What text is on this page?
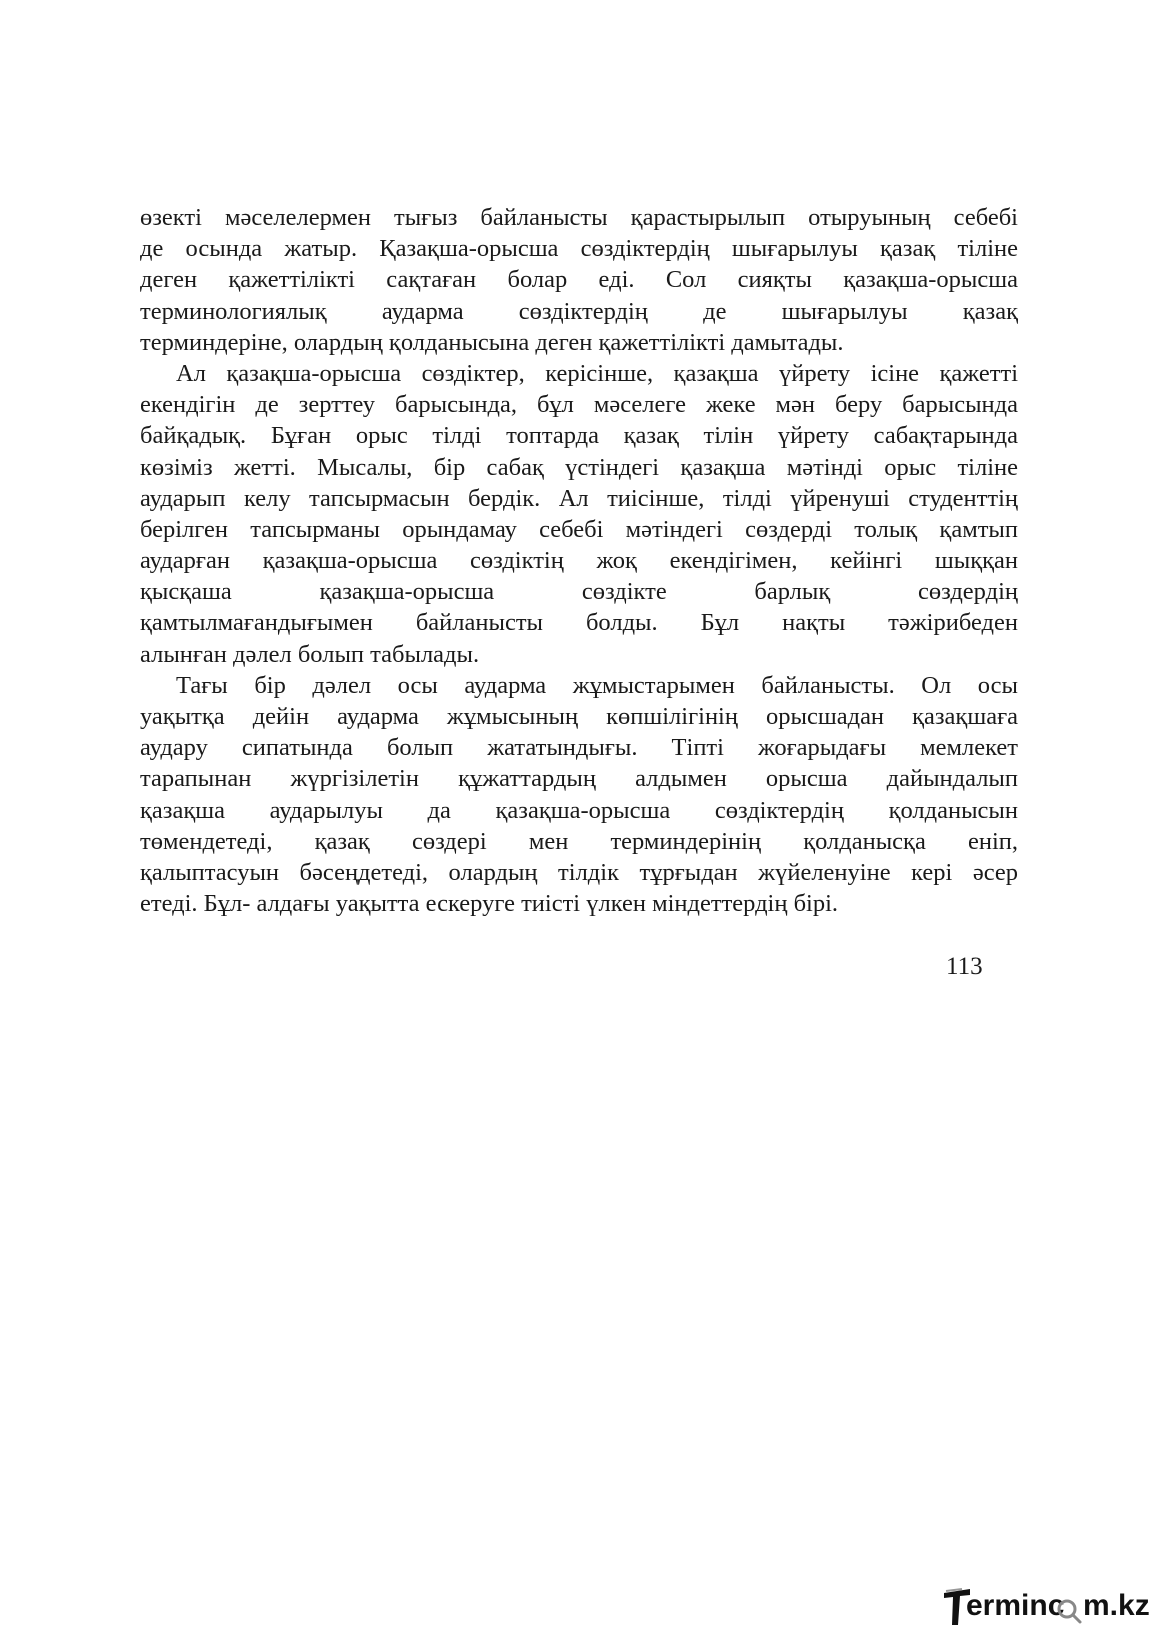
өзекті мәселелермен тығыз байланысты қарастырылып отыруының себебі
де осында жатыр. Қазақша-орысша сөздіктердің шығарылуы қазақ тіліне
деген қажеттілікті сақтаған болар еді. Сол сияқты қазақша-орысша
терминологиялық аударма сөздіктердің де шығарылуы қазақ
терминдеріне, олардың қолданысына деген қажеттілікті дамытады.
Ал қазақша-орысша сөздіктер, керісінше, қазақша үйрету ісіне қажетті
екендігін де зерттеу барысында, бұл мәселеге жеке мән беру барысында
байқадық. Бұған орыс тілді топтарда қазақ тілін үйрету сабақтарында
көзіміз жетті. Мысалы, бір сабақ үстіндегі қазақша мәтінді орыс тіліне
аударып келу тапсырмасын бердік. Ал тиісінше, тілді үйренуші студенттің
берілген тапсырманы орындамау себебі мәтіндегі сөздерді толық қамтып
аударған қазақша-орысша сөздіктің жоқ екендігімен, кейінгі шыққан
қысқаша қазақша-орысша сөздікте барлық сөздердің
қамтылмағандығымен байланысты болды. Бұл нақты тәжірибеден
алынған дәлел болып табылады.
Тағы бір дәлел осы аударма жұмыстарымен байланысты. Ол осы
уақытқа дейін аударма жұмысының көпшілігінің орысшадан қазақшаға
аудару сипатында болып жататындығы. Тіпті жоғарыдағы мемлекет
тарапынан жүргізілетін құжаттардың алдымен орысша дайындалып
қазақша аударылуы да қазақша-орысша сөздіктердің қолданысын
төмендетеді, қазақ сөздері мен терминдерінің қолданысқа еніп,
қалыптасуын бәсеңдетеді, олардың тілдік тұрғыдан жүйеленуіне кері әсер
етеді. Бұл- алдағы уақытта ескеруге тиісті үлкен міндеттердің бірі.
113
erminc m.kz
